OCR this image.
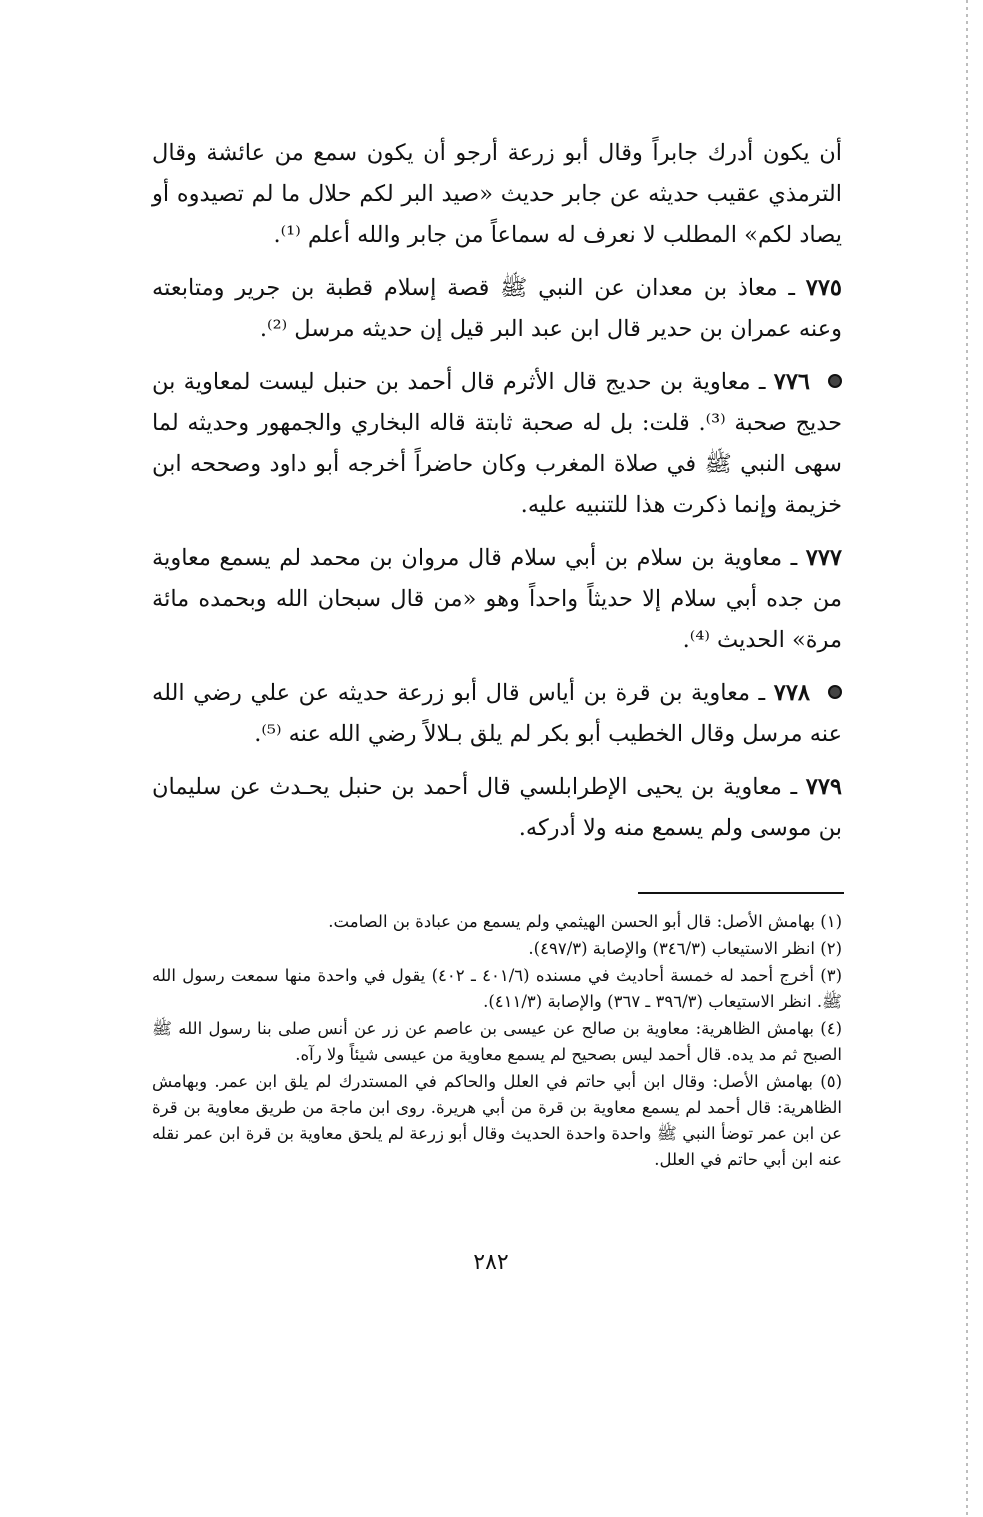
أن يكون أدرك جابراً وقال أبو زرعة أرجو أن يكون سمع من عائشة وقال الترمذي عقيب حديثه عن جابر حديث «صيد البر لكم حلال ما لم تصيدوه أو يصاد لكم» المطلب لا نعرف له سماعاً من جابر والله أعلم ⁽¹⁾.

٧٧٥ ـ معاذ بن معدان عن النبي ﷺ قصة إسلام قطبة بن جرير ومتابعته وعنه عمران بن حدير قال ابن عبد البر قيل إن حديثه مرسل ⁽²⁾.

٧٧٦ ـ معاوية بن حديج قال الأثرم قال أحمد بن حنبل ليست لمعاوية بن حديج صحبة ⁽³⁾. قلت: بل له صحبة ثابتة قاله البخاري والجمهور وحديثه لما سهى النبي ﷺ في صلاة المغرب وكان حاضراً أخرجه أبو داود وصححه ابن خزيمة وإنما ذكرت هذا للتنبيه عليه.

٧٧٧ ـ معاوية بن سلام بن أبي سلام قال مروان بن محمد لم يسمع معاوية من جده أبي سلام إلا حديثاً واحداً وهو «من قال سبحان الله وبحمده مائة مرة» الحديث ⁽⁴⁾.

٧٧٨ ـ معاوية بن قرة بن أياس قال أبو زرعة حديثه عن علي رضي الله عنه مرسل وقال الخطيب أبو بكر لم يلق بـلالاً رضي الله عنه ⁽⁵⁾.

٧٧٩ ـ معاوية بن يحيى الإطرابلسي قال أحمد بن حنبل يحـدث عن سليمان بن موسى ولم يسمع منه ولا أدركه.

(١) بهامش الأصل: قال أبو الحسن الهيثمي ولم يسمع من عبادة بن الصامت.

(٢) انظر الاستيعاب (٣٤٦/٣) والإصابة (٤٩٧/٣).

(٣) أخرج أحمد له خمسة أحاديث في مسنده (٤٠١/٦ ـ ٤٠٢) يقول في واحدة منها سمعت رسول الله ﷺ. انظر الاستيعاب (٣٩٦/٣ ـ ٣٦٧) والإصابة (٤١١/٣).

(٤) بهامش الظاهرية: معاوية بن صالح عن عيسى بن عاصم عن زر عن أنس صلى بنا رسول الله ﷺ الصبح ثم مد يده. قال أحمد ليس بصحيح لم يسمع معاوية من عيسى شيئاً ولا رآه.

(٥) بهامش الأصل: وقال ابن أبي حاتم في العلل والحاكم في المستدرك لم يلق ابن عمر. وبهامش الظاهرية: قال أحمد لم يسمع معاوية بن قرة من أبي هريرة. روى ابن ماجة من طريق معاوية بن قرة عن ابن عمر توضأ النبي ﷺ واحدة واحدة الحديث وقال أبو زرعة لم يلحق معاوية بن قرة ابن عمر نقله عنه ابن أبي حاتم في العلل.

٢٨٢
